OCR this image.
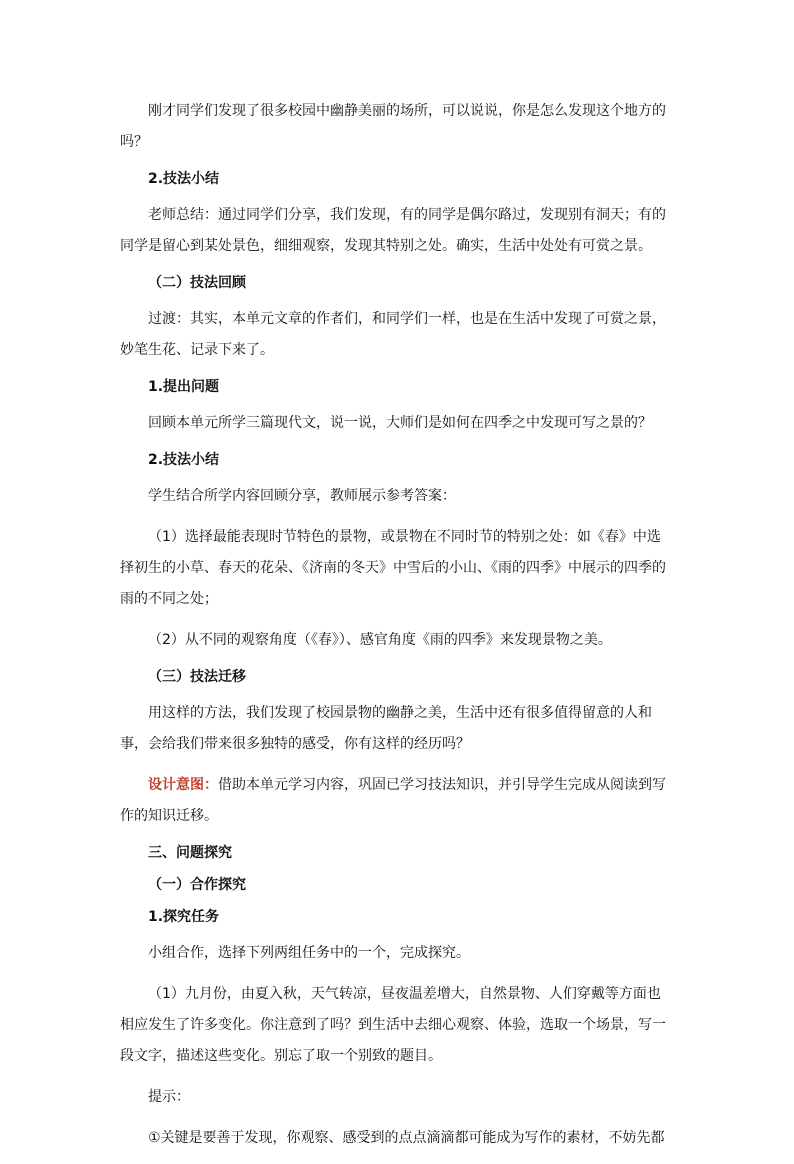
刚才同学们发现了很多校园中幽静美丽的场所，可以说说，你是怎么发现这个地方的吗？

2.技法小结

老师总结：通过同学们分享，我们发现，有的同学是偶尔路过，发现别有洞天；有的同学是留心到某处景色，细细观察，发现其特别之处。确实，生活中处处有可赏之景。

（二）技法回顾

过渡：其实，本单元文章的作者们，和同学们一样，也是在生活中发现了可赏之景，妙笔生花、记录下来了。

1.提出问题

回顾本单元所学三篇现代文，说一说，大师们是如何在四季之中发现可写之景的？

2.技法小结

学生结合所学内容回顾分享，教师展示参考答案：

（1）选择最能表现时节特色的景物，或景物在不同时节的特别之处：如《春》中选择初生的小草、春天的花朵、《济南的冬天》中雪后的小山、《雨的四季》中展示的四季的雨的不同之处；

（2）从不同的观察角度（《春》）、感官角度《雨的四季》来发现景物之美。

（三）技法迁移

用这样的方法，我们发现了校园景物的幽静之美，生活中还有很多值得留意的人和事，会给我们带来很多独特的感受，你有这样的经历吗？

设计意图：借助本单元学习内容，巩固已学习技法知识，并引导学生完成从阅读到写作的知识迁移。

三、问题探究

（一）合作探究

1.探究任务

小组合作，选择下列两组任务中的一个，完成探究。

（1）九月份，由夏入秋，天气转凉，昼夜温差增大，自然景物、人们穿戴等方面也相应发生了许多变化。你注意到了吗？到生活中去细心观察、体验，选取一个场景，写一段文字，描述这些变化。别忘了取一个别致的题目。

提示：

①关键是要善于发现，你观察、感受到的点点滴滴都可能成为写作的素材，不妨先都
